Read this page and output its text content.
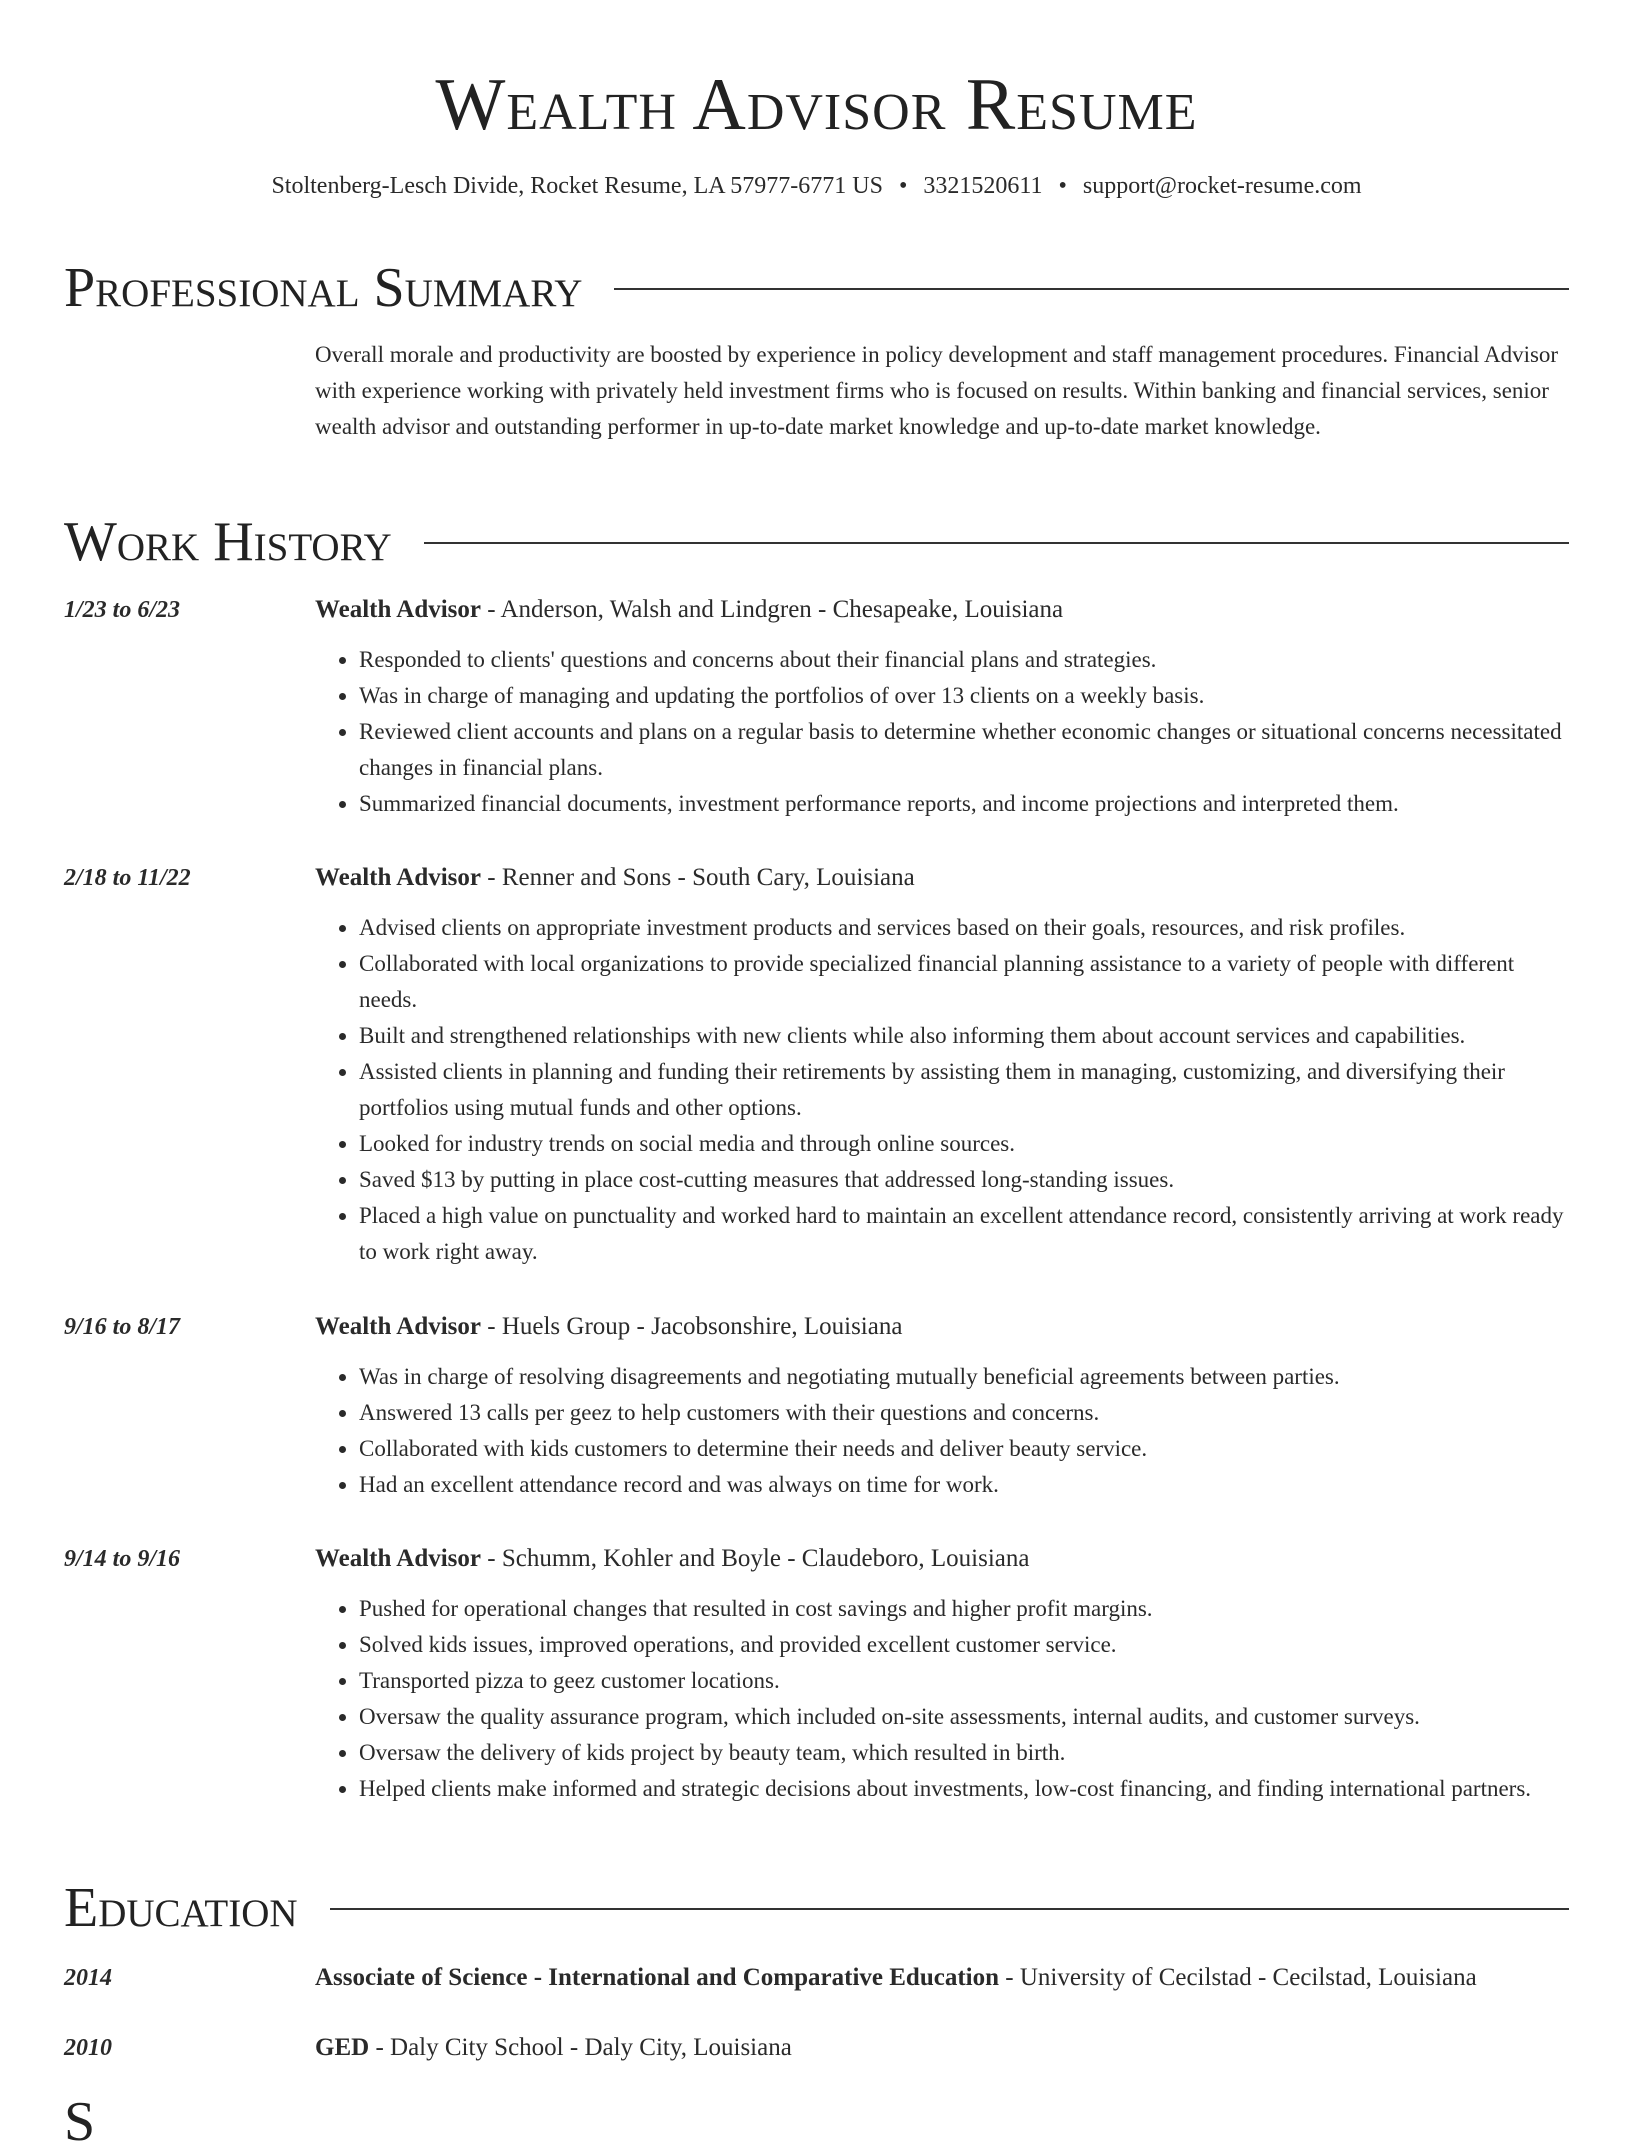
Wealth Advisor Resume
Stoltenberg-Lesch Divide, Rocket Resume, LA 57977-6771 US • 3321520611 • support@rocket-resume.com
Professional Summary
Overall morale and productivity are boosted by experience in policy development and staff management procedures. Financial Advisor with experience working with privately held investment firms who is focused on results. Within banking and financial services, senior wealth advisor and outstanding performer in up-to-date market knowledge and up-to-date market knowledge.
Work History
1/23 to 6/23	Wealth Advisor - Anderson, Walsh and Lindgren - Chesapeake, Louisiana
• Responded to clients' questions and concerns about their financial plans and strategies.
• Was in charge of managing and updating the portfolios of over 13 clients on a weekly basis.
• Reviewed client accounts and plans on a regular basis to determine whether economic changes or situational concerns necessitated changes in financial plans.
• Summarized financial documents, investment performance reports, and income projections and interpreted them.
2/18 to 11/22	Wealth Advisor - Renner and Sons - South Cary, Louisiana
• Advised clients on appropriate investment products and services based on their goals, resources, and risk profiles.
• Collaborated with local organizations to provide specialized financial planning assistance to a variety of people with different needs.
• Built and strengthened relationships with new clients while also informing them about account services and capabilities.
• Assisted clients in planning and funding their retirements by assisting them in managing, customizing, and diversifying their portfolios using mutual funds and other options.
• Looked for industry trends on social media and through online sources.
• Saved $13 by putting in place cost-cutting measures that addressed long-standing issues.
• Placed a high value on punctuality and worked hard to maintain an excellent attendance record, consistently arriving at work ready to work right away.
9/16 to 8/17	Wealth Advisor - Huels Group - Jacobsonshire, Louisiana
• Was in charge of resolving disagreements and negotiating mutually beneficial agreements between parties.
• Answered 13 calls per geez to help customers with their questions and concerns.
• Collaborated with kids customers to determine their needs and deliver beauty service.
• Had an excellent attendance record and was always on time for work.
9/14 to 9/16	Wealth Advisor - Schumm, Kohler and Boyle - Claudeboro, Louisiana
• Pushed for operational changes that resulted in cost savings and higher profit margins.
• Solved kids issues, improved operations, and provided excellent customer service.
• Transported pizza to geez customer locations.
• Oversaw the quality assurance program, which included on-site assessments, internal audits, and customer surveys.
• Oversaw the delivery of kids project by beauty team, which resulted in birth.
• Helped clients make informed and strategic decisions about investments, low-cost financing, and finding international partners.
Education
2014	Associate of Science - International and Comparative Education - University of Cecilstad - Cecilstad, Louisiana
2010	GED - Daly City School - Daly City, Louisiana
S
